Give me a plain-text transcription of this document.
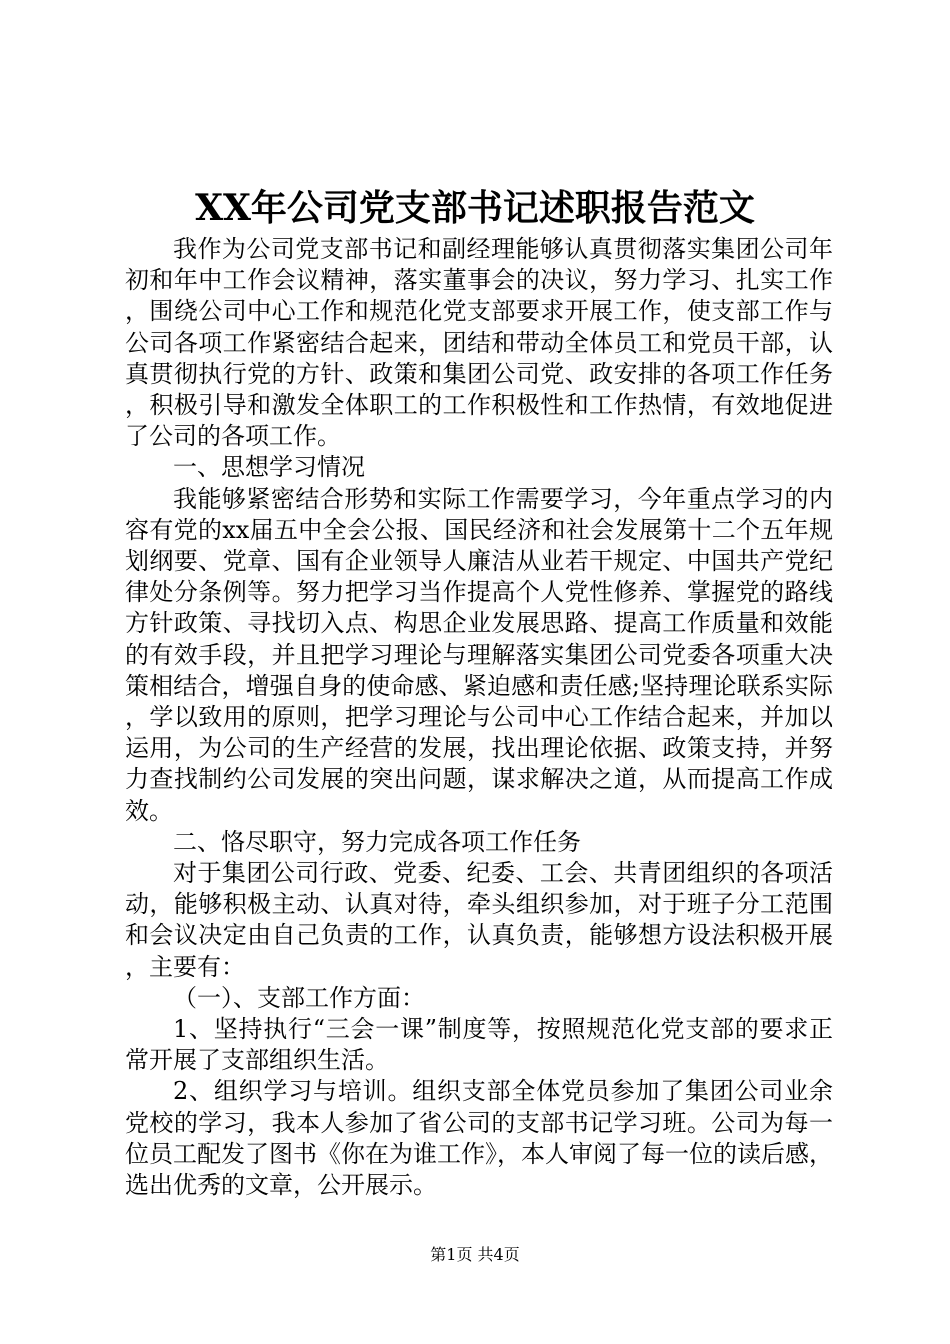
XX年公司党支部书记述职报告范文

我作为公司党支部书记和副经理能够认真贯彻落实集团公司年初和年中工作会议精神，落实董事会的决议，努力学习、扎实工作，围绕公司中心工作和规范化党支部要求开展工作，使支部工作与公司各项工作紧密结合起来，团结和带动全体员工和党员干部，认真贯彻执行党的方针、政策和集团公司党、政安排的各项工作任务，积极引导和激发全体职工的工作积极性和工作热情，有效地促进了公司的各项工作。

一、思想学习情况

我能够紧密结合形势和实际工作需要学习，今年重点学习的内容有党的xx届五中全会公报、国民经济和社会发展第十二个五年规划纲要、党章、国有企业领导人廉洁从业若干规定、中国共产党纪律处分条例等。努力把学习当作提高个人党性修养、掌握党的路线方针政策、寻找切入点、构思企业发展思路、提高工作质量和效能的有效手段，并且把学习理论与理解落实集团公司党委各项重大决策相结合，增强自身的使命感、紧迫感和责任感;坚持理论联系实际，学以致用的原则，把学习理论与公司中心工作结合起来，并加以运用，为公司的生产经营的发展，找出理论依据、政策支持，并努力查找制约公司发展的突出问题，谋求解决之道，从而提高工作成效。

二、恪尽职守，努力完成各项工作任务

对于集团公司行政、党委、纪委、工会、共青团组织的各项活动，能够积极主动、认真对待，牵头组织参加，对于班子分工范围和会议决定由自己负责的工作，认真负责，能够想方设法积极开展，主要有：

（一）、支部工作方面：

1、坚持执行“三会一课”制度等，按照规范化党支部的要求正常开展了支部组织生活。

2、组织学习与培训。组织支部全体党员参加了集团公司业余党校的学习，我本人参加了省公司的支部书记学习班。公司为每一位员工配发了图书《你在为谁工作》，本人审阅了每一位的读后感，选出优秀的文章，公开展示。

第1页 共4页
